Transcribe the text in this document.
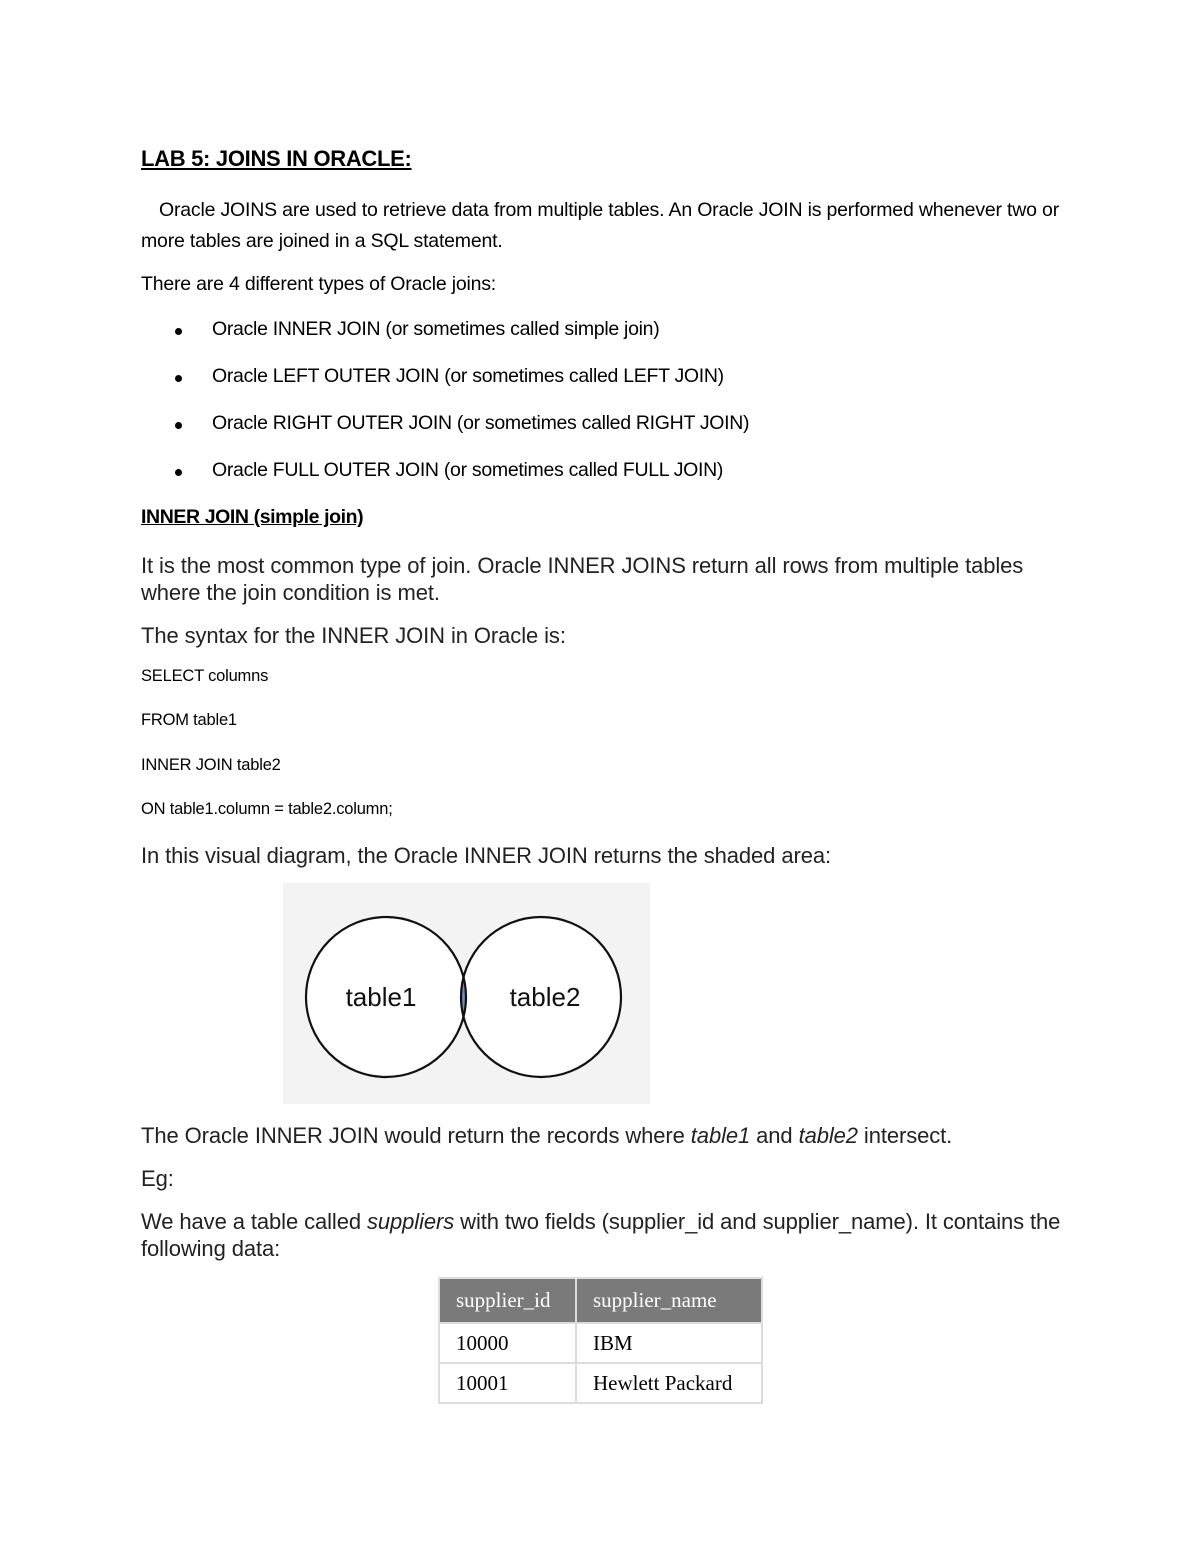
LAB 5: JOINS IN ORACLE:
Oracle JOINS are used to retrieve data from multiple tables. An Oracle JOIN is performed whenever two or more tables are joined in a SQL statement.
There are 4 different types of Oracle joins:
Oracle INNER JOIN (or sometimes called simple join)
Oracle LEFT OUTER JOIN (or sometimes called LEFT JOIN)
Oracle RIGHT OUTER JOIN (or sometimes called RIGHT JOIN)
Oracle FULL OUTER JOIN (or sometimes called FULL JOIN)
INNER JOIN (simple join)
It is the most common type of join. Oracle INNER JOINS return all rows from multiple tables where the join condition is met.
The syntax for the INNER JOIN in Oracle is:
SELECT columns
FROM table1
INNER JOIN table2
ON table1.column = table2.column;
In this visual diagram, the Oracle INNER JOIN returns the shaded area:
table1	table2
The Oracle INNER JOIN would return the records where table1 and table2 intersect.
Eg:
We have a table called suppliers with two fields (supplier_id and supplier_name). It contains the following data:
supplier_id	supplier_name
10000	IBM
10001	Hewlett Packard
